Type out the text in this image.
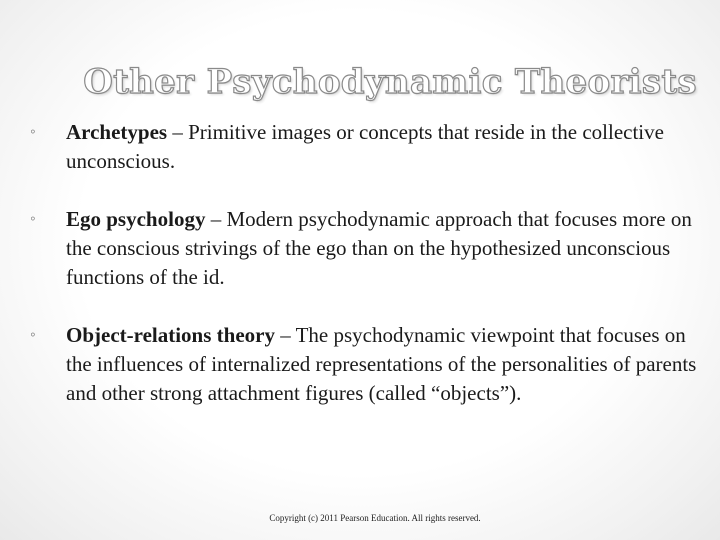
Other Psychodynamic Theorists
⸰	Archetypes – Primitive images or concepts that reside in the collective unconscious.
⸰	Ego psychology – Modern psychodynamic approach that focuses more on the conscious strivings of the ego than on the hypothesized unconscious functions of the id.
⸰	Object-relations theory – The psychodynamic viewpoint that focuses on the influences of internalized representations of the personalities of parents and other strong attachment figures (called “objects”).
Copyright (c) 2011 Pearson Education. All rights reserved.
